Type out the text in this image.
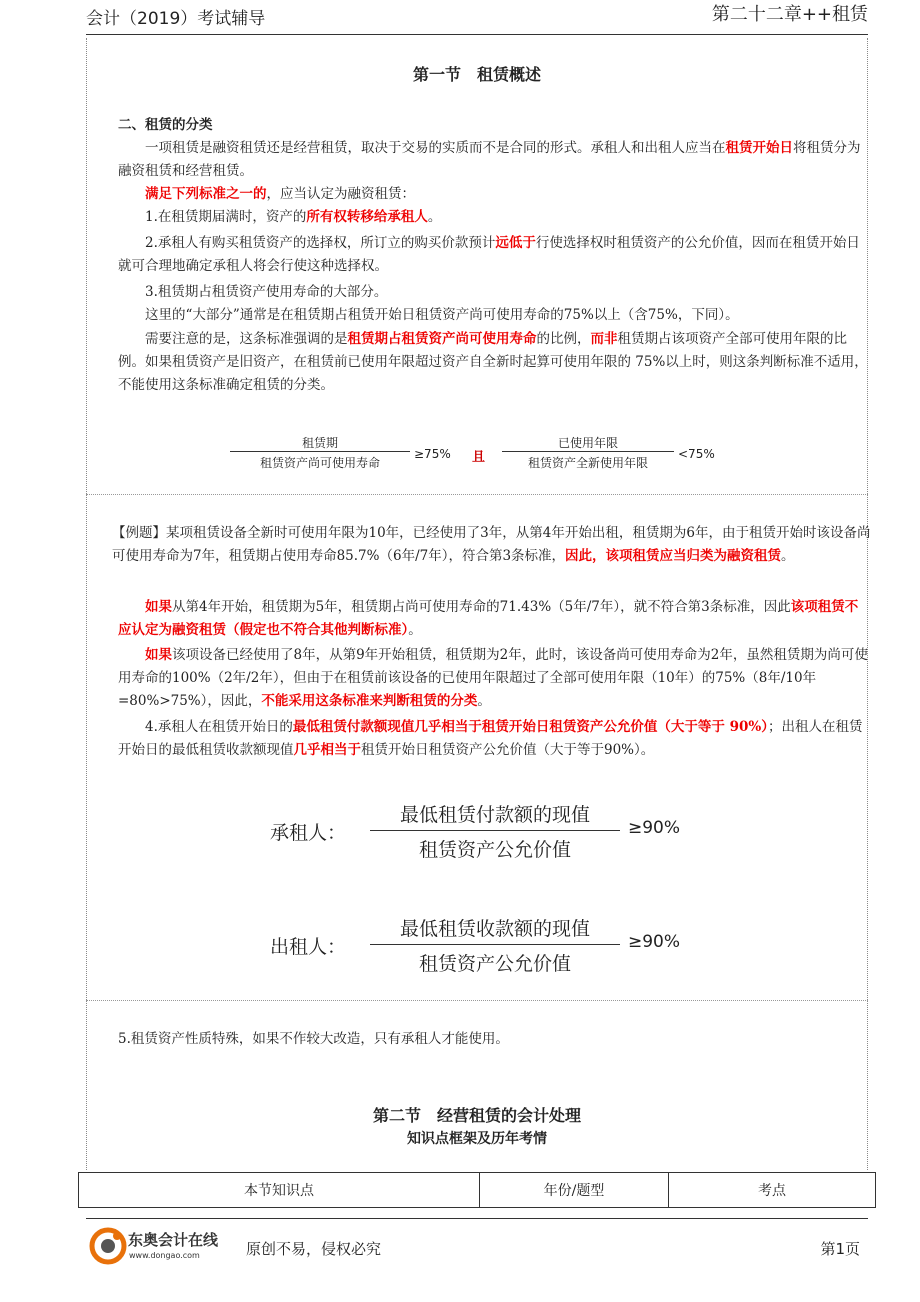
会计（2019）考试辅导	第二十二章++租赁
第一节　租赁概述

二、租赁的分类

一项租赁是融资租赁还是经营租赁，取决于交易的实质而不是合同的形式。承租人和出租人应当在租赁开始日将租赁分为融资租赁和经营租赁。

满足下列标准之一的，应当认定为融资租赁：

1.在租赁期届满时，资产的所有权转移给承租人。

2.承租人有购买租赁资产的选择权，所订立的购买价款预计远低于行使选择权时租赁资产的公允价值，因而在租赁开始日就可合理地确定承租人将会行使这种选择权。

3.租赁期占租赁资产使用寿命的大部分。

这里的“大部分”通常是在租赁期占租赁开始日租赁资产尚可使用寿命的75%以上（含75%，下同）。

需要注意的是，这条标准强调的是租赁期占租赁资产尚可使用寿命的比例，而非租赁期占该项资产全部可使用年限的比例。如果租赁资产是旧资产，在租赁前已使用年限超过资产自全新时起算可使用年限的 75%以上时，则这条判断标准不适用，不能使用这条标准确定租赁的分类。

租赁期
租赁资产尚可使用寿命
≥75% 且
已使用年限
租赁资产全新使用年限
<75%

【例题】某项租赁设备全新时可使用年限为10年，已经使用了3年，从第4年开始出租，租赁期为6年，由于租赁开始时该设备尚可使用寿命为7年，租赁期占使用寿命85.7%（6年/7年），符合第3条标准，因此，该项租赁应当归类为融资租赁。

如果从第4年开始，租赁期为5年，租赁期占尚可使用寿命的71.43%（5年/7年），就不符合第3条标准，因此该项租赁不应认定为融资租赁（假定也不符合其他判断标准）。

如果该项设备已经使用了8年，从第9年开始租赁，租赁期为2年，此时，该设备尚可使用寿命为2年，虽然租赁期为尚可使用寿命的100%（2年/2年），但由于在租赁前该设备的已使用年限超过了全部可使用年限（10年）的75%（8年/10年=80%>75%），因此，不能采用这条标准来判断租赁的分类。

4.承租人在租赁开始日的最低租赁付款额现值几乎相当于租赁开始日租赁资产公允价值（大于等于 90%）；出租人在租赁开始日的最低租赁收款额现值几乎相当于租赁开始日租赁资产公允价值（大于等于90%）。

承租人：
最低租赁付款额的现值
租赁资产公允价值
≥90%
出租人：
最低租赁收款额的现值
租赁资产公允价值
≥90%

5.租赁资产性质特殊，如果不作较大改造，只有承租人才能使用。

第二节　经营租赁的会计处理
知识点框架及历年考情
本节知识点	年份/题型	考点
东奥会计在线
www.dongao.com	原创不易，侵权必究	第1页
